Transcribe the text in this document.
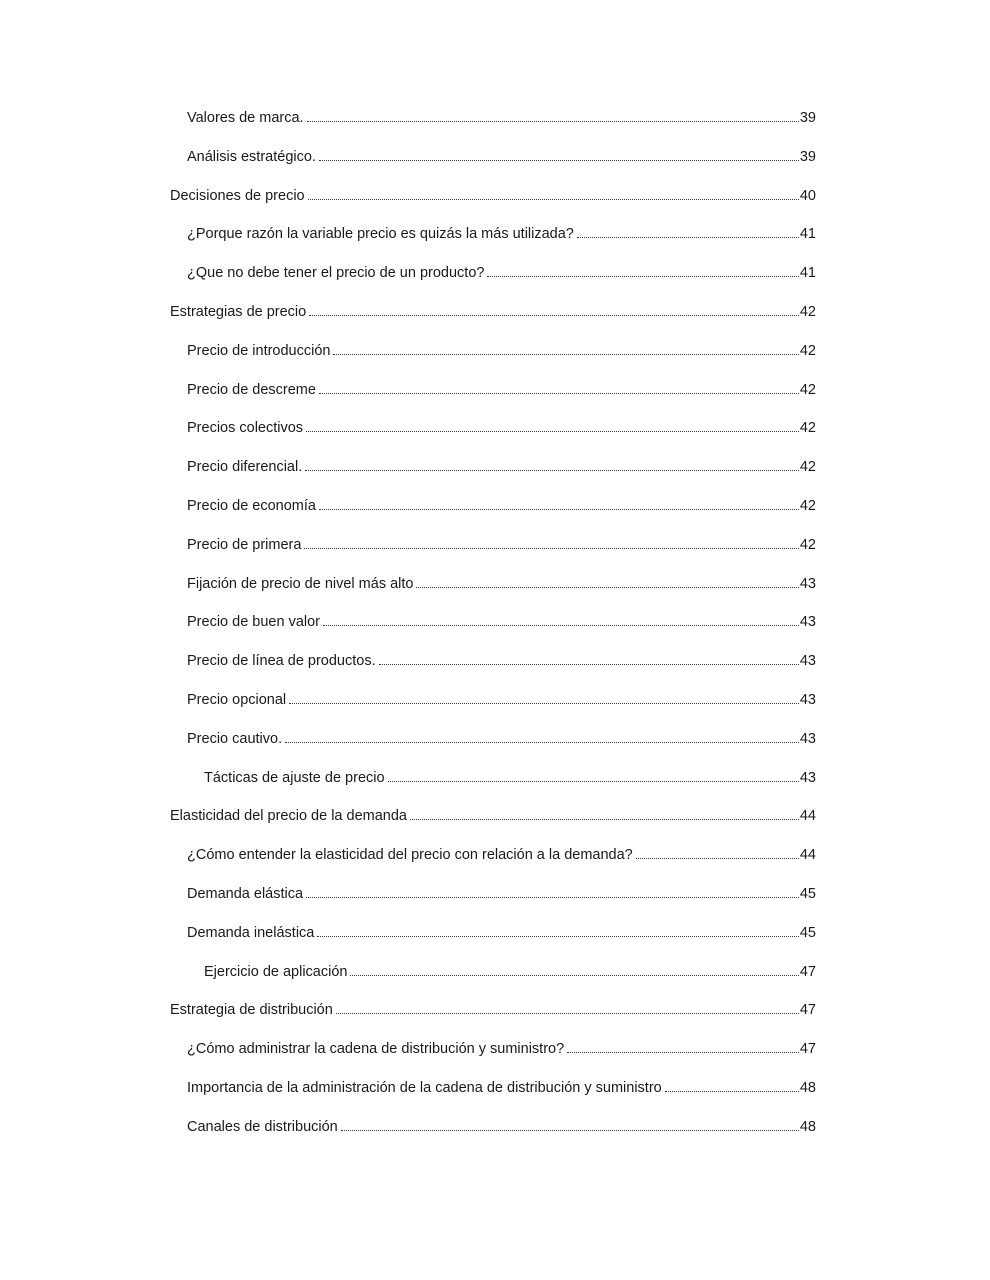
Valores de marca.	39
Análisis estratégico.	39
Decisiones de precio	40
¿Porque razón la variable precio es quizás la más utilizada?	41
¿Que no debe tener el precio de un producto?	41
Estrategias de precio	42
Precio de introducción	42
Precio de descreme	42
Precios colectivos	42
Precio diferencial.	42
Precio de economía	42
Precio de primera	42
Fijación de precio de nivel más alto	43
Precio de buen valor	43
Precio de línea de productos.	43
Precio opcional	43
Precio cautivo.	43
Tácticas de ajuste de precio	43
Elasticidad del precio de la demanda	44
¿Cómo entender la elasticidad del precio con relación a la demanda?	44
Demanda elástica	45
Demanda inelástica	45
Ejercicio de aplicación	47
Estrategia de distribución	47
¿Cómo administrar la cadena de distribución y suministro?	47
Importancia de la administración de la cadena de distribución y suministro	48
Canales de distribución	48
